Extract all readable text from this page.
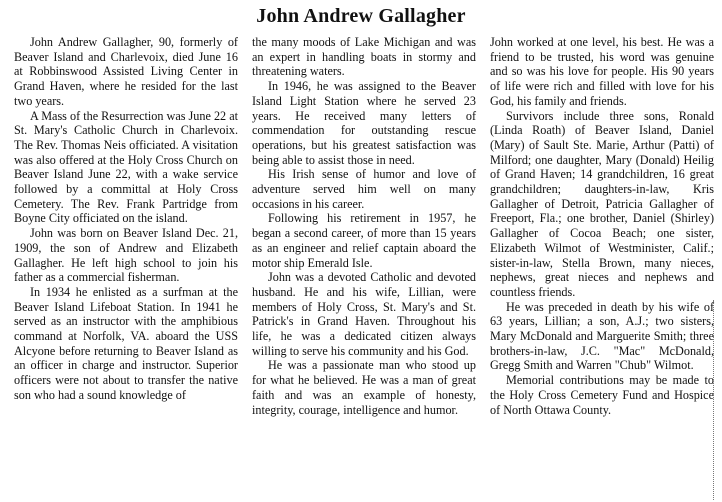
John Andrew Gallagher

John Andrew Gallagher, 90, formerly of Beaver Island and Charlevoix, died June 16 at Robbinswood Assisted Living Center in Grand Haven, where he resided for the last two years.

A Mass of the Resurrection was June 22 at St. Mary's Catholic Church in Charlevoix. The Rev. Thomas Neis officiated. A visitation was also offered at the Holy Cross Church on Beaver Island June 22, with a wake service followed by a committal at Holy Cross Cemetery. The Rev. Frank Partridge from Boyne City officiated on the island.

John was born on Beaver Island Dec. 21, 1909, the son of Andrew and Elizabeth Gallagher. He left high school to join his father as a commercial fisherman.

In 1934 he enlisted as a surfman at the Beaver Island Lifeboat Station. In 1941 he served as an instructor with the amphibious command at Norfolk, VA. aboard the USS Alcyone before returning to Beaver Island as an officer in charge and instructor. Superior officers were not about to transfer the native son who had a sound knowledge of

the many moods of Lake Michigan and was an expert in handling boats in stormy and threatening waters.

In 1946, he was assigned to the Beaver Island Light Station where he served 23 years. He received many letters of commendation for outstanding rescue operations, but his greatest satisfaction was being able to assist those in need.

His Irish sense of humor and love of adventure served him well on many occasions in his career.

Following his retirement in 1957, he began a second career, of more than 15 years as an engineer and relief captain aboard the motor ship Emerald Isle.

John was a devoted Catholic and devoted husband. He and his wife, Lillian, were members of Holy Cross, St. Mary's and St. Patrick's in Grand Haven. Throughout his life, he was a dedicated citizen always willing to serve his community and his God.

He was a passionate man who stood up for what he believed. He was a man of great faith and was an example of honesty, integrity, courage, intelligence and humor.

John worked at one level, his best. He was a friend to be trusted, his word was genuine and so was his love for people. His 90 years of life were rich and filled with love for his God, his family and friends.

Survivors include three sons, Ronald (Linda Roath) of Beaver Island, Daniel (Mary) of Sault Ste. Marie, Arthur (Patti) of Milford; one daughter, Mary (Donald) Heilig of Grand Haven; 14 grandchildren, 16 great grandchildren; daughters-in-law, Kris Gallagher of Detroit, Patricia Gallagher of Freeport, Fla.; one brother, Daniel (Shirley) Gallagher of Cocoa Beach; one sister, Elizabeth Wilmot of Westminister, Calif.; sister-in-law, Stella Brown, many nieces, nephews, great nieces and nephews and countless friends.

He was preceded in death by his wife of 63 years, Lillian; a son, A.J.; two sisters, Mary McDonald and Marguerite Smith; three brothers-in-law, J.C. "Mac" McDonald, Gregg Smith and Warren "Chub" Wilmot.

Memorial contributions may be made to the Holy Cross Cemetery Fund and Hospice of North Ottawa County.
